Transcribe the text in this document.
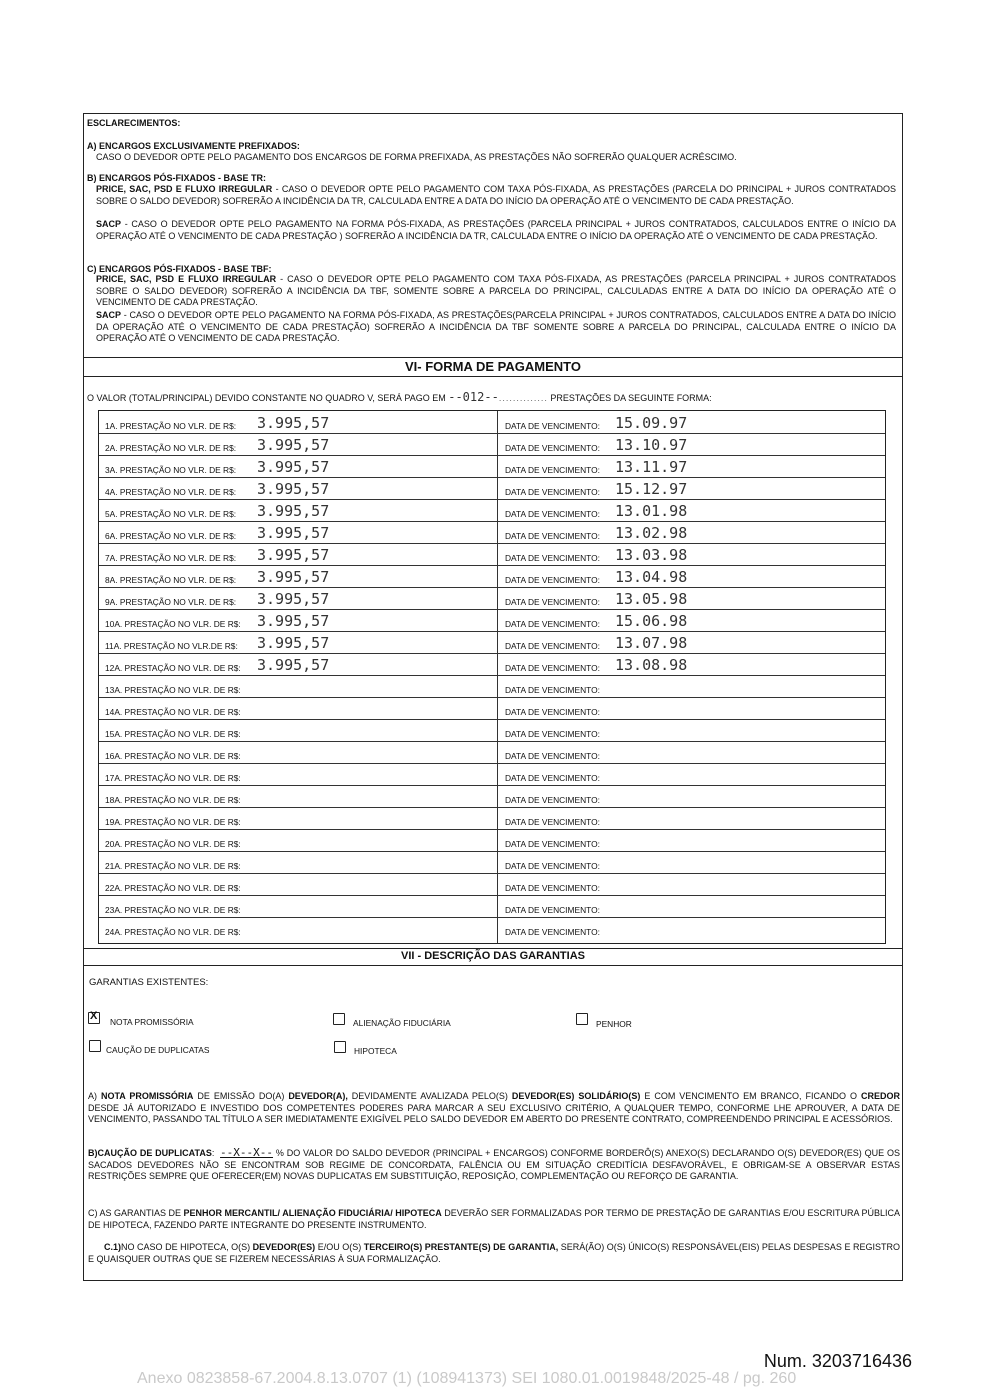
ESCLARECIMENTOS:
A) ENCARGOS EXCLUSIVAMENTE PREFIXADOS:
CASO O DEVEDOR OPTE PELO PAGAMENTO DOS ENCARGOS DE FORMA PREFIXADA, AS PRESTAÇÕES NÃO SOFRERÃO QUALQUER ACRÉSCIMO.
B) ENCARGOS PÓS-FIXADOS - BASE TR:
PRICE, SAC, PSD E FLUXO IRREGULAR - CASO O DEVEDOR OPTE PELO PAGAMENTO COM TAXA PÓS-FIXADA, AS PRESTAÇÕES (PARCELA DO PRINCIPAL + JUROS CONTRATADOS SOBRE O SALDO DEVEDOR) SOFRERÃO A INCIDÊNCIA DA TR, CALCULADA ENTRE A DATA DO INÍCIO DA OPERAÇÃO ATÉ O VENCIMENTO DE CADA PRESTAÇÃO.
SACP - CASO O DEVEDOR OPTE PELO PAGAMENTO NA FORMA PÓS-FIXADA, AS PRESTAÇÕES (PARCELA PRINCIPAL + JUROS CONTRATADOS, CALCULADOS ENTRE O INÍCIO DA OPERAÇÃO ATÉ O VENCIMENTO DE CADA PRESTAÇÃO ) SOFRERÃO A INCIDÊNCIA DA TR, CALCULADA ENTRE O INÍCIO DA OPERAÇÃO ATÉ O VENCIMENTO DE CADA PRESTAÇÃO.
C) ENCARGOS PÓS-FIXADOS - BASE TBF:
PRICE, SAC, PSD E FLUXO IRREGULAR - CASO O DEVEDOR OPTE PELO PAGAMENTO COM TAXA PÓS-FIXADA, AS PRESTAÇÕES (PARCELA PRINCIPAL + JUROS CONTRATADOS SOBRE O SALDO DEVEDOR) SOFRERÃO A INCIDÊNCIA DA TBF, SOMENTE SOBRE A PARCELA DO PRINCIPAL, CALCULADAS ENTRE A DATA DO INÍCIO DA OPERAÇÃO ATÉ O VENCIMENTO DE CADA PRESTAÇÃO.
SACP - CASO O DEVEDOR OPTE PELO PAGAMENTO NA FORMA PÓS-FIXADA, AS PRESTAÇÕES(PARCELA PRINCIPAL + JUROS CONTRATADOS, CALCULADOS ENTRE A DATA DO INÍCIO DA OPERAÇÃO ATÉ O VENCIMENTO DE CADA PRESTAÇÃO) SOFRERÃO A INCIDÊNCIA DA TBF SOMENTE SOBRE A PARCELA DO PRINCIPAL, CALCULADA ENTRE O INÍCIO DA OPERAÇÃO ATÉ O VENCIMENTO DE CADA PRESTAÇÃO.
VI- FORMA DE PAGAMENTO
O VALOR (TOTAL/PRINCIPAL) DEVIDO CONSTANTE NO QUADRO V, SERÁ PAGO EM --012--.............. PRESTAÇÕES DA SEGUINTE FORMA:
1A. PRESTAÇÃO NO VLR. DE R$: 3.995,57	DATA DE VENCIMENTO: 15.09.97
2A. PRESTAÇÃO NO VLR. DE R$: 3.995,57	DATA DE VENCIMENTO: 13.10.97
3A. PRESTAÇÃO NO VLR. DE R$: 3.995,57	DATA DE VENCIMENTO: 13.11.97
4A. PRESTAÇÃO NO VLR. DE R$: 3.995,57	DATA DE VENCIMENTO: 15.12.97
5A. PRESTAÇÃO NO VLR. DE R$: 3.995,57	DATA DE VENCIMENTO: 13.01.98
6A. PRESTAÇÃO NO VLR. DE R$: 3.995,57	DATA DE VENCIMENTO: 13.02.98
7A. PRESTAÇÃO NO VLR. DE R$: 3.995,57	DATA DE VENCIMENTO: 13.03.98
8A. PRESTAÇÃO NO VLR. DE R$: 3.995,57	DATA DE VENCIMENTO: 13.04.98
9A. PRESTAÇÃO NO VLR. DE R$: 3.995,57	DATA DE VENCIMENTO: 13.05.98
10A. PRESTAÇÃO NO VLR. DE R$: 3.995,57	DATA DE VENCIMENTO: 15.06.98
11A. PRESTAÇÃO NO VLR.DE R$: 3.995,57	DATA DE VENCIMENTO: 13.07.98
12A. PRESTAÇÃO NO VLR. DE R$: 3.995,57	DATA DE VENCIMENTO: 13.08.98
13A. PRESTAÇÃO NO VLR. DE R$:	DATA DE VENCIMENTO:
14A. PRESTAÇÃO NO VLR. DE R$:	DATA DE VENCIMENTO:
15A. PRESTAÇÃO NO VLR. DE R$:	DATA DE VENCIMENTO:
16A. PRESTAÇÃO NO VLR. DE R$:	DATA DE VENCIMENTO:
17A. PRESTAÇÃO NO VLR. DE R$:	DATA DE VENCIMENTO:
18A. PRESTAÇÃO NO VLR. DE R$:	DATA DE VENCIMENTO:
19A. PRESTAÇÃO NO VLR. DE R$:	DATA DE VENCIMENTO:
20A. PRESTAÇÃO NO VLR. DE R$:	DATA DE VENCIMENTO:
21A. PRESTAÇÃO NO VLR. DE R$:	DATA DE VENCIMENTO:
22A. PRESTAÇÃO NO VLR. DE R$:	DATA DE VENCIMENTO:
23A. PRESTAÇÃO NO VLR. DE R$:	DATA DE VENCIMENTO:
24A. PRESTAÇÃO NO VLR. DE R$:	DATA DE VENCIMENTO:
VII - DESCRIÇÃO DAS GARANTIAS
GARANTIAS EXISTENTES:
X
NOTA PROMISSÓRIA	ALIENAÇÃO FIDUCIÁRIA	PENHOR
CAUÇÃO DE DUPLICATAS	HIPOTECA
A) NOTA PROMISSÓRIA DE EMISSÃO DO(A) DEVEDOR(A), DEVIDAMENTE AVALIZADA PELO(S) DEVEDOR(ES) SOLIDÁRIO(S) E COM VENCIMENTO EM BRANCO, FICANDO O CREDOR DESDE JÁ AUTORIZADO E INVESTIDO DOS COMPETENTES PODERES PARA MARCAR A SEU EXCLUSIVO CRITÉRIO, A QUALQUER TEMPO, CONFORME LHE APROUVER, A DATA DE VENCIMENTO, PASSANDO TAL TÍTULO A SER IMEDIATAMENTE EXIGÍVEL PELO SALDO DEVEDOR EM ABERTO DO PRESENTE CONTRATO, COMPREENDENDO PRINCIPAL E ACESSÓRIOS.
B)CAUÇÃO DE DUPLICATAS:  --X--X-- % DO VALOR DO SALDO DEVEDOR (PRINCIPAL + ENCARGOS) CONFORME BORDERÔ(S) ANEXO(S) DECLARANDO O(S) DEVEDOR(ES) QUE OS SACADOS DEVEDORES NÃO SE ENCONTRAM SOB REGIME DE CONCORDATA, FALÊNCIA OU EM SITUAÇÃO CREDITÍCIA DESFAVORÁVEL, E OBRIGAM-SE A OBSERVAR ESTAS RESTRIÇÕES SEMPRE QUE OFERECER(EM) NOVAS DUPLICATAS EM SUBSTITUIÇÃO, REPOSIÇÃO, COMPLEMENTAÇÃO OU REFORÇO DE GARANTIA.
C) AS GARANTIAS DE PENHOR MERCANTIL/ ALIENAÇÃO FIDUCIÁRIA/ HIPOTECA DEVERÃO SER FORMALIZADAS POR TERMO DE PRESTAÇÃO DE GARANTIAS E/OU ESCRITURA PÚBLICA DE HIPOTECA, FAZENDO PARTE INTEGRANTE DO PRESENTE INSTRUMENTO.
C.1)NO CASO DE HIPOTECA, O(S) DEVEDOR(ES) E/OU O(S) TERCEIRO(S) PRESTANTE(S) DE GARANTIA, SERÁ(ÃO) O(S) ÚNICO(S) RESPONSÁVEL(EIS) PELAS DESPESAS E REGISTRO E QUAISQUER OUTRAS QUE SE FIZEREM NECESSÁRIAS À SUA FORMALIZAÇÃO.
Num. 3203716436
Anexo 0823858-67.2004.8.13.0707 (1) (108941373) SEI 1080.01.0019848/2025-48 / pg. 260
